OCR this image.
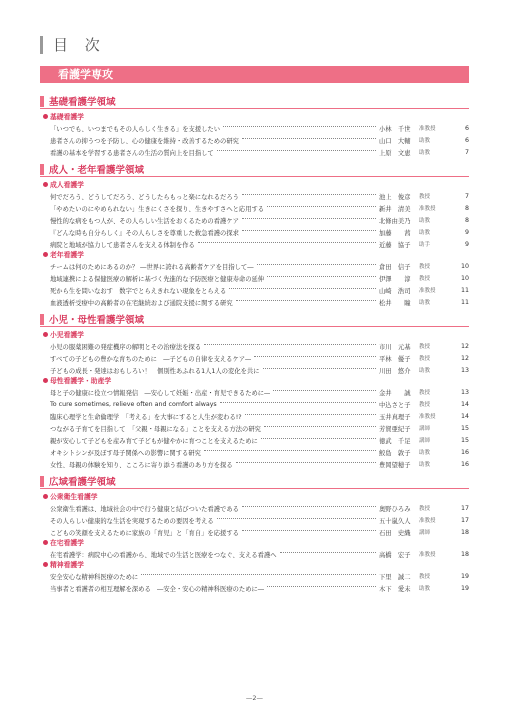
目 次
看護学専攻
基礎看護学領域
基礎看護学
「いつでも、いつまでもその人らしく生きる」を支援したい	小林　千世	准教授	6
患者さんの抑うつを予防し、心の健康を維持・改善するための研究	山口　大輔	助教	6
看護の基本を学習する患者さんの生活の質向上を目指して	上原　文恵	助教	7
成人・老年看護学領域
成人看護学
何でだろう、どうしてだろう、どうしたらもっと楽になれるだろう	池上　俊彦	教授	7
「やめたいのにやめられない」生きにくさを探り、生きやすさへと応用する	新井　清美	准教授	8
慢性的な病をもつ人が、その人らしい生活をおくるための看護ケア	北條由美乃	助教	8
『どんな時も自分らしく』その人らしさを尊重した救急看護の探求	加藤　　茜	助教	9
病院と地域が協力して患者さんを支える体制を作る	近藤　協子	助手	9
老年看護学
チームは何のためにあるのか？ ―世界に誇れる高齢者ケアを目指して―	倉田　信子	教授	10
地域連携による保健医療の解析に基づく先進的な予防医療と健康寿命の延伸	伊澤　　淳	教授	10
死から生を問いなおす　数字でとらえきれない現象をとらえる	山崎　浩司	准教授	11
血液透析受療中の高齢者の在宅継続および通院支援に関する研究	松井　　瞳	助教	11
小児・母性看護学領域
小児看護学
小児の服薬困難の発症機序の解明とその治療法を探る	市川　元基	教授	12
すべての子どもの豊かな育ちのために　―子どもの自律を支えるケア―	平林　優子	教授	12
子どもの成長・発達はおもしろい！　個別性あふれる1人1人の変化を共に	川田　悠介	助教	13
母性看護学・助産学
母と子の健康に役立つ情報発信　―安心して妊娠・出産・育児できるために―	金井　　誠	教授	13
To cure sometimes, relieve often and comfort always	中込さと子	教授	14
臨床心理学と生命倫理学　「考える」を大事にすると人生が変わる!?	玉井真理子	准教授	14
つながる子育てを目指して　「父親・母親になる」ことを支える方法の研究	芳賀亜紀子	講師	15
親が安心して子どもを産み育て子どもが健やかに育つことを支えるために	徳武　千足	講師	15
オキシトシンが及ぼす母子関係への影響に関する研究	鮫島　敦子	助教	16
女性、母親の体験を知り、こころに寄り添う看護のあり方を探る	豊岡望穂子	助教	16
広域看護学領域
公衆衛生看護学
公衆衛生看護は、地域社会の中で行う健康と結びついた看護である	奥野ひろみ	教授	17
その人らしい健康的な生活を実現するための要因を考える	五十嵐久人	准教授	17
こどもの笑顔を支えるために家族の「育児」と「育自」を応援する	石田　史織	講師	18
在宅看護学
在宅看護学：病院中心の看護から、地域での生活と医療をつなぐ、支える看護へ	高橋　宏子	准教授	18
精神看護学
安全安心な精神科医療のために	下里　誠二	教授	19
当事者と看護者の相互理解を深める　―安全・安心の精神科医療のために―	木下　愛未	助教	19
—2—
